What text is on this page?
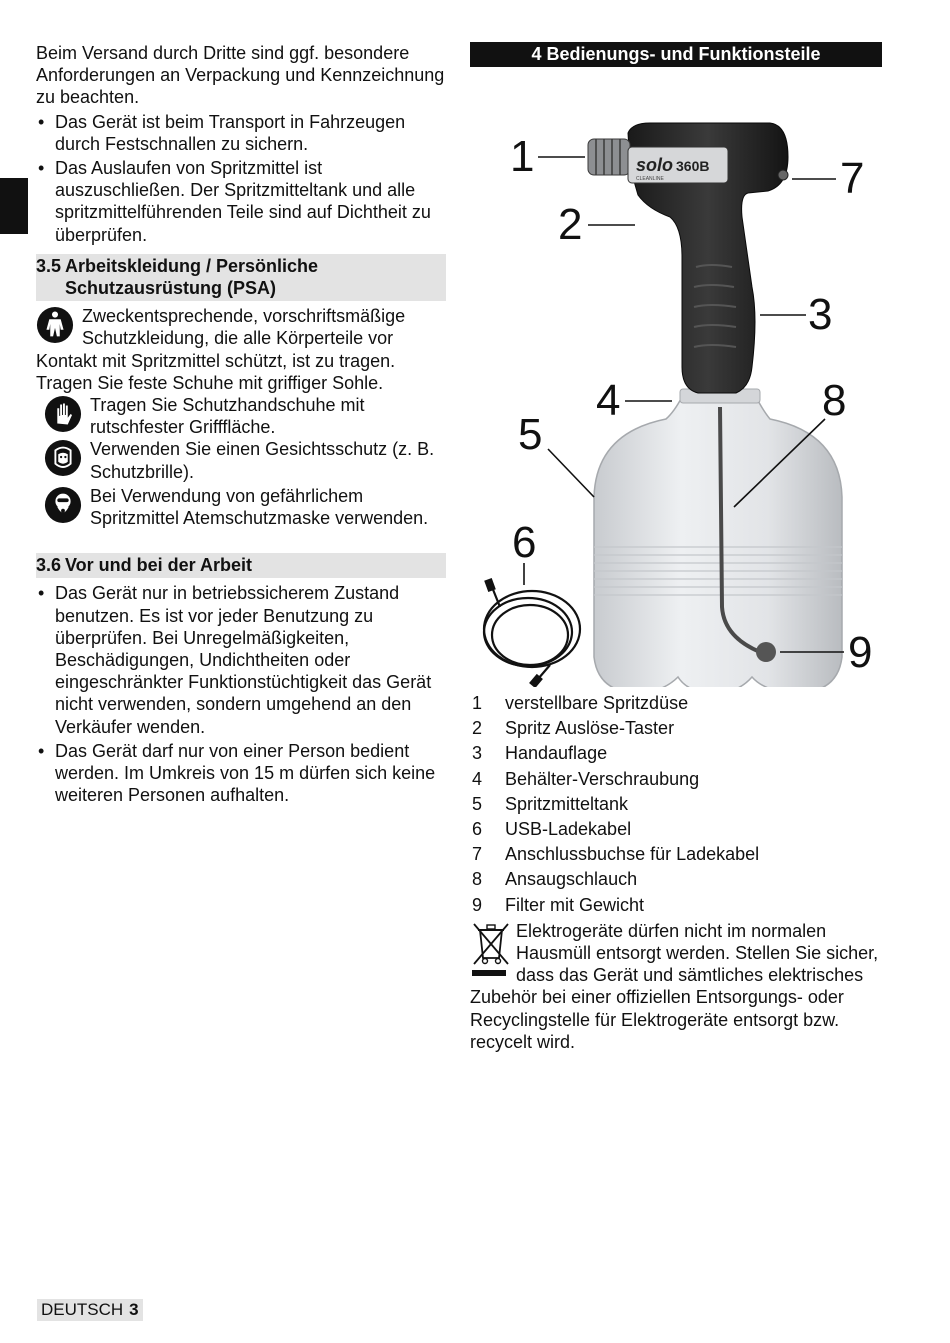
Beim Versand durch Dritte sind ggf. besondere Anforderungen an Verpackung und Kennzeichnung zu beachten.

• Das Gerät ist beim Transport in Fahrzeugen durch Festschnallen zu sichern.
• Das Auslaufen von Spritzmittel ist auszuschließen. Der Spritzmitteltank und alle spritzmittelführenden Teile sind auf Dichtheit zu überprüfen.
3.5 Arbeitskleidung / Persönliche Schutzausrüstung (PSA)

Zweckentsprechende, vorschriftsmäßige Schutzkleidung, die alle Körperteile vor Kontakt mit Spritzmittel schützt, ist zu tragen.

Tragen Sie feste Schuhe mit griffiger Sohle.

Tragen Sie Schutzhandschuhe mit rutschfester Grifffläche.

Verwenden Sie einen Gesichtsschutz (z. B. Schutzbrille).

Bei Verwendung von gefährlichem Spritzmittel Atemschutzmaske verwenden.

3.6 Vor und bei der Arbeit
• Das Gerät nur in betriebssicherem Zustand benutzen. Es ist vor jeder Benutzung zu überprüfen. Bei Unregelmäßigkeiten, Beschädigungen, Undichtheiten oder eingeschränkter Funktionstüchtigkeit das Gerät nicht verwenden, sondern umgehend an den Verkäufer wenden.
• Das Gerät darf nur von einer Person bedient werden. Im Umkreis von 15 m dürfen sich keine weiteren Personen aufhalten.
4 Bedienungs- und Funktionsteile
solo 360B
CLEANLINE
1
2
3
4
5
6
7
8
9
1	verstellbare Spritzdüse
2	Spritz Auslöse-Taster
3	Handauflage
4	Behälter-Verschraubung
5	Spritzmitteltank
6	USB-Ladekabel
7	Anschlussbuchse für Ladekabel
8	Ansaugschlauch
9	Filter mit Gewicht

Elektrogeräte dürfen nicht im normalen Hausmüll entsorgt werden. Stellen Sie sicher, dass das Gerät und sämtliches elektrisches Zubehör bei einer offiziellen Entsorgungs- oder Recyclingstelle für Elektrogeräte entsorgt bzw. recycelt wird.

DEUTSCH 3
